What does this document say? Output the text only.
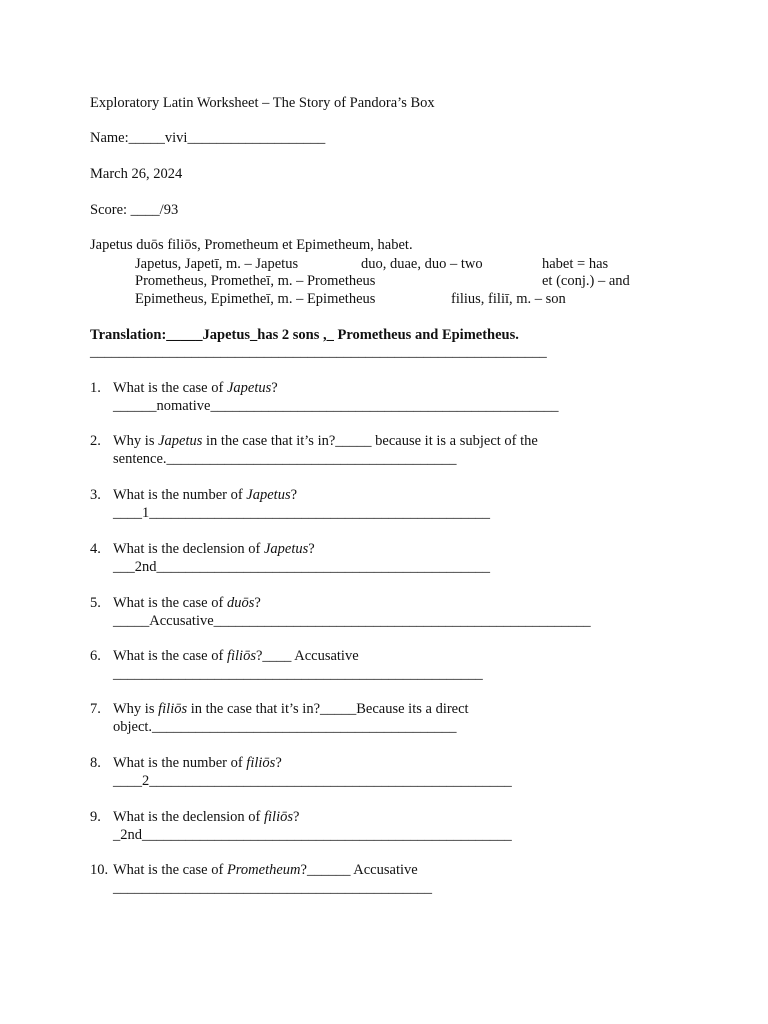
Exploratory Latin Worksheet – The Story of Pandora’s Box
Name:_____vivi___________________
March 26, 2024
Score: ____/93
Japetus duōs filiōs, Prometheum et Epimetheum, habet.
Japetus, Japetī, m. – Japetus
Prometheus, Prometheī, m. – Prometheus
Epimetheus, Epimetheī, m. – Epimetheus
duo, duae, duo – two
filius, filiī, m. – son
habet = has
et (conj.) – and
Translation:_____Japetus_has 2 sons ,_ Prometheus and Epimetheus.
_______________________________________________________________
1. What is the case of Japetus?
______nomative________________________________________________
2. Why is Japetus in the case that it’s in?_____ because it is a subject of the
sentence.________________________________________
3. What is the number of Japetus?
____1_______________________________________________
4. What is the declension of Japetus?
___2nd______________________________________________
5. What is the case of duōs?
_____Accusative____________________________________________________
6. What is the case of filiōs?____ Accusative
___________________________________________________
7. Why is filiōs in the case that it’s in?_____Because its a direct
object.__________________________________________
8. What is the number of filiōs?
____2__________________________________________________
9. What is the declension of filiōs?
_2nd___________________________________________________
10. What is the case of Prometheum?______ Accusative
____________________________________________
